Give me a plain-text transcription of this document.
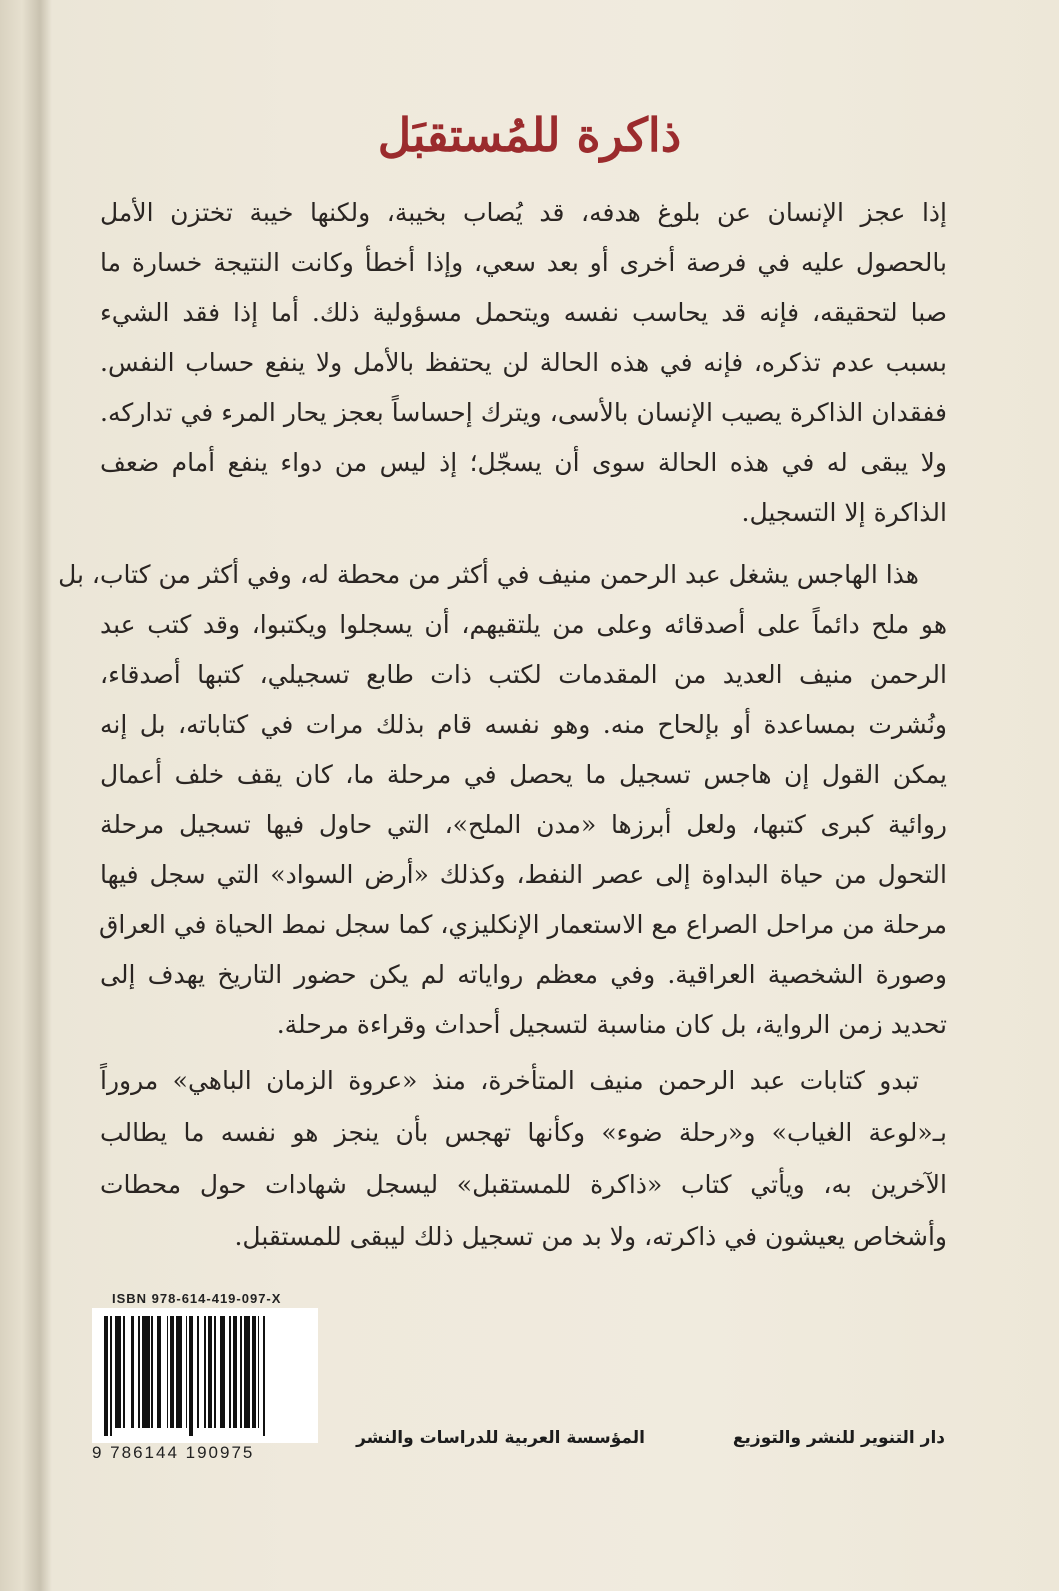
ذاكرة للمُستقبَل
إذا عجز الإنسان عن بلوغ هدفه، قد يُصاب بخيبة، ولكنها خيبة تختزن الأمل
بالحصول عليه في فرصة أخرى أو بعد سعي، وإذا أخطأ وكانت النتيجة خسارة ما
صبا لتحقيقه، فإنه قد يحاسب نفسه ويتحمل مسؤولية ذلك. أما إذا فقد الشيء
بسبب عدم تذكره، فإنه في هذه الحالة لن يحتفظ بالأمل ولا ينفع حساب النفس.
ففقدان الذاكرة يصيب الإنسان بالأسى، ويترك إحساساً بعجز يحار المرء في تداركه.
ولا يبقى له في هذه الحالة سوى أن يسجّل؛ إذ ليس من دواء ينفع أمام ضعف
الذاكرة إلا التسجيل.
هذا الهاجس يشغل عبد الرحمن منيف في أكثر من محطة له، وفي أكثر من كتاب، بل
هو ملح دائماً على أصدقائه وعلى من يلتقيهم، أن يسجلوا ويكتبوا، وقد كتب عبد
الرحمن منيف العديد من المقدمات لكتب ذات طابع تسجيلي، كتبها أصدقاء،
ونُشرت بمساعدة أو بإلحاح منه. وهو نفسه قام بذلك مرات في كتاباته، بل إنه
يمكن القول إن هاجس تسجيل ما يحصل في مرحلة ما، كان يقف خلف أعمال
روائية كبرى كتبها، ولعل أبرزها «مدن الملح»، التي حاول فيها تسجيل مرحلة
التحول من حياة البداوة إلى عصر النفط، وكذلك «أرض السواد» التي سجل فيها
مرحلة من مراحل الصراع مع الاستعمار الإنكليزي، كما سجل نمط الحياة في العراق
وصورة الشخصية العراقية. وفي معظم رواياته لم يكن حضور التاريخ يهدف إلى
تحديد زمن الرواية، بل كان مناسبة لتسجيل أحداث وقراءة مرحلة.
تبدو كتابات عبد الرحمن منيف المتأخرة، منذ «عروة الزمان الباهي» مروراً
بـ«لوعة الغياب» و«رحلة ضوء» وكأنها تهجس بأن ينجز هو نفسه ما يطالب
الآخرين به، ويأتي كتاب «ذاكرة للمستقبل» ليسجل شهادات حول محطات
وأشخاص يعيشون في ذاكرته، ولا بد من تسجيل ذلك ليبقى للمستقبل.
ISBN 978-614-419-097-X
9 786144 190975
دار التنوير للنشر والتوزيع
المؤسسة العربية للدراسات والنشر
